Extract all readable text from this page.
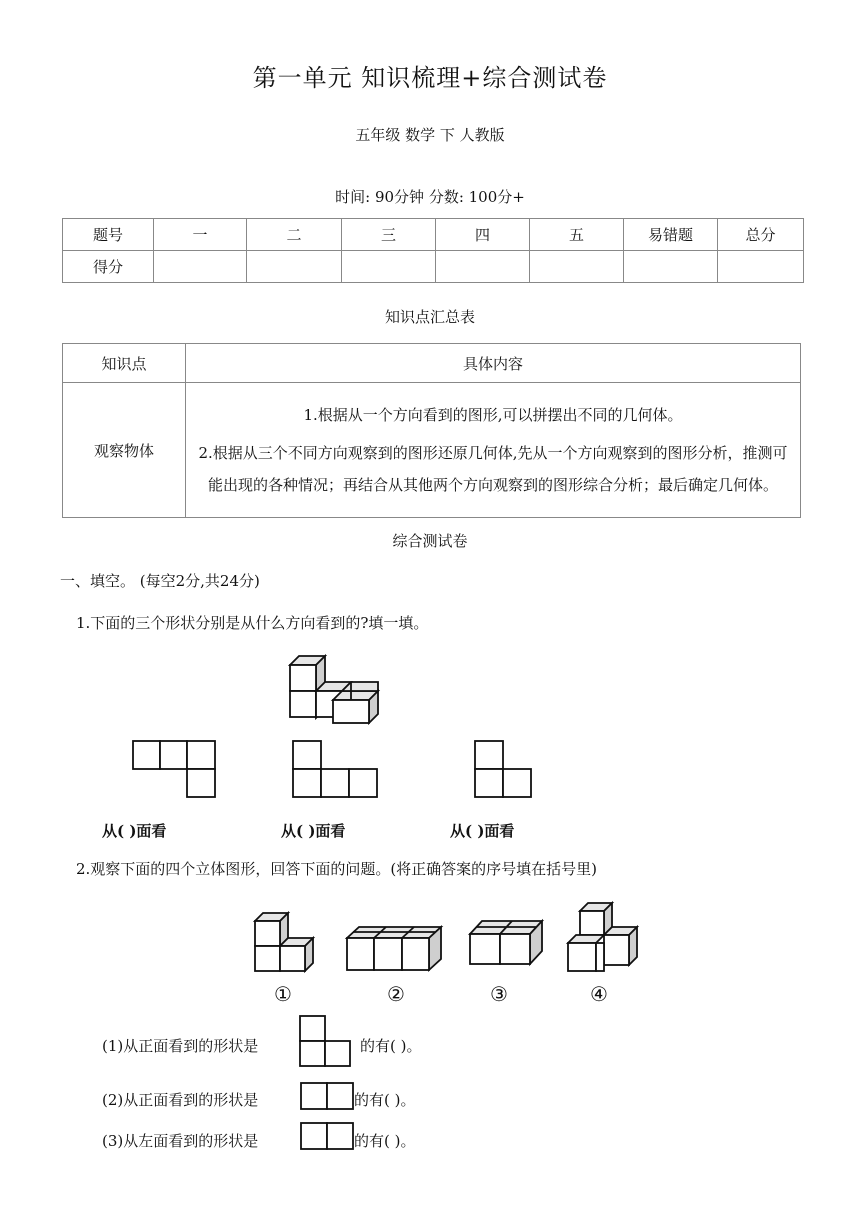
第一单元 知识梳理+综合测试卷
五年级 数学 下 人教版
时间: 90分钟 分数: 100分+
题号	一	二	三	四	五	易错题	总分
得分							
知识点汇总表
知识点	具体内容
观察物体	1.根据从一个方向看到的图形,可以拼摆出不同的几何体。

2.根据从三个不同方向观察到的图形还原几何体,先从一个方向观察到的图形分析，推测可能出现的各种情况；再结合从其他两个方向观察到的图形综合分析；最后确定几何体。

综合测试卷
一、填空。 (每空2分,共24分)
1.下面的三个形状分别是从什么方向看到的?填一填。
从( )面看	从( )面看	从( )面看
2.观察下面的四个立体图形，回答下面的问题。(将正确答案的序号填在括号里)
①	②	③	④
(1)从正面看到的形状是	的有( )。
(2)从正面看到的形状是	的有( )。
(3)从左面看到的形状是	的有( )。
